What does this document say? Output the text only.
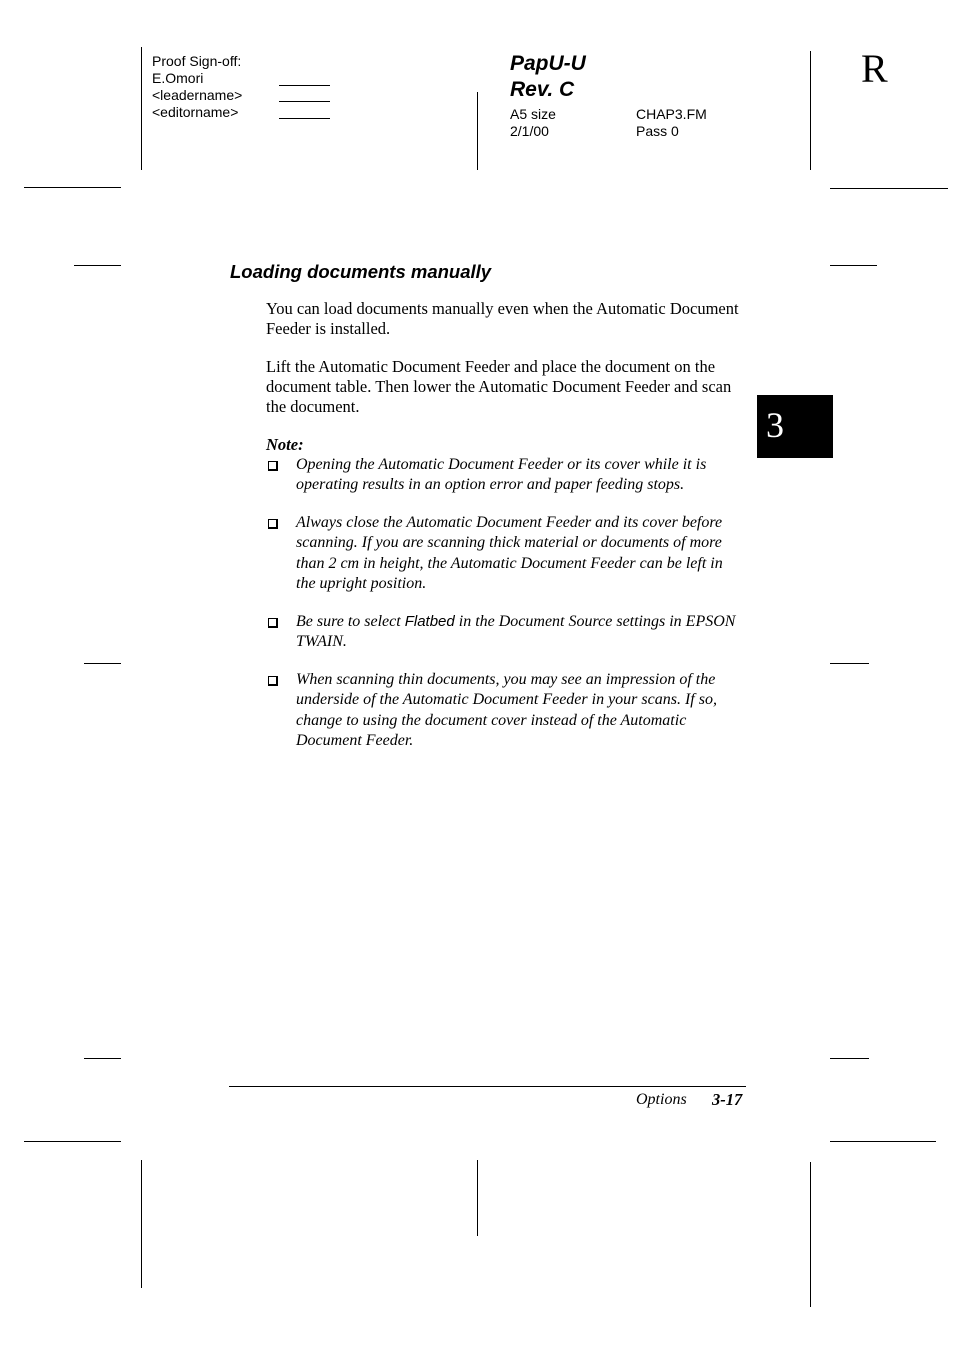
Proof Sign-off:
E.Omori
<leadername>
<editorname>
PapU-U
Rev. C
A5 size
2/1/00
CHAP3.FM
Pass 0
R
3
Loading documents manually
You can load documents manually even when the Automatic Document Feeder is installed.
Lift the Automatic Document Feeder and place the document on the document table. Then lower the Automatic Document Feeder and scan the document.
Note:
Opening the Automatic Document Feeder or its cover while it is operating results in an option error and paper feeding stops.
Always close the Automatic Document Feeder and its cover before scanning. If you are scanning thick material or documents of more than 2 cm in height, the Automatic Document Feeder can be left in the upright position.
Be sure to select Flatbed in the Document Source settings in EPSON TWAIN.
When scanning thin documents, you may see an impression of the underside of the Automatic Document Feeder in your scans. If so, change to using the document cover instead of the Automatic Document Feeder.
Options 3-17
